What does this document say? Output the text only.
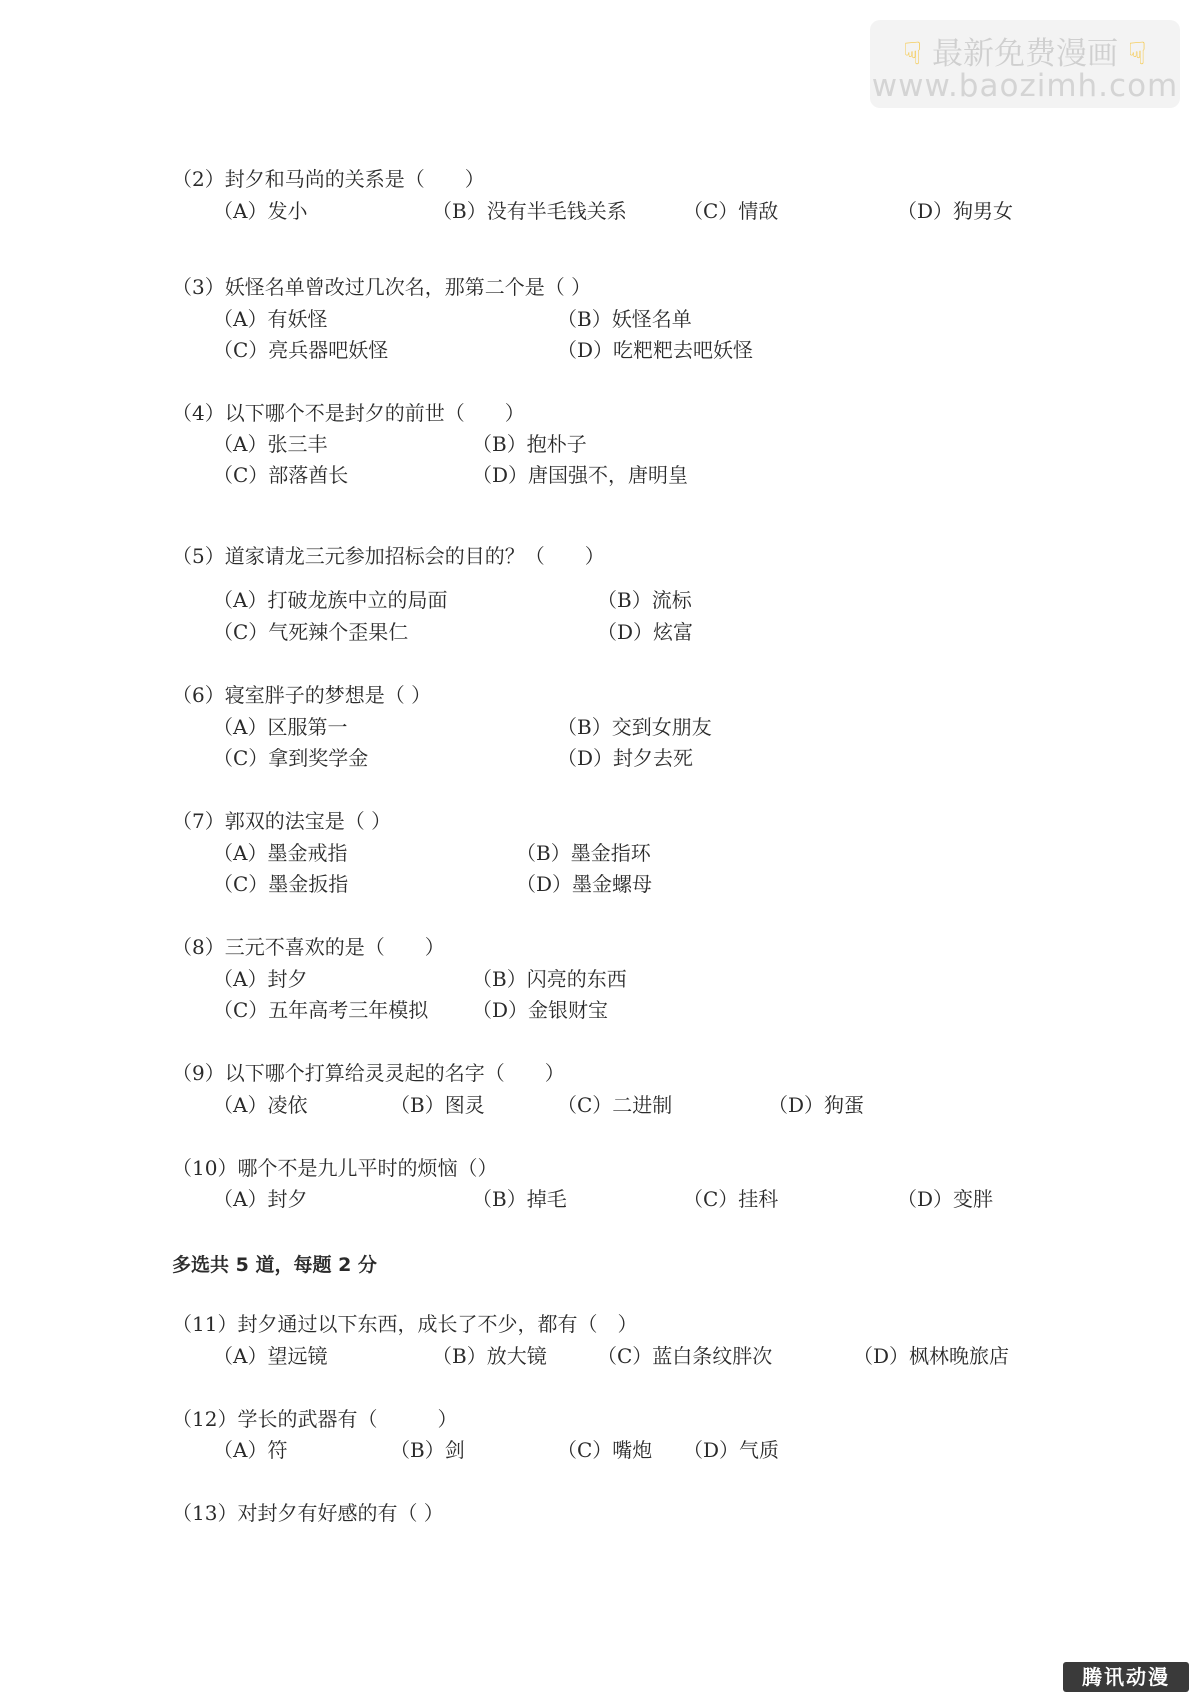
☟ 最新免费漫画 ☟
www.baozimh.com
（2）封夕和马尚的关系是（　　）
（A）发小	（B）没有半毛钱关系	（C）情敌	（D）狗男女
（3）妖怪名单曾改过几次名，那第二个是（ ）
（A）有妖怪	（B）妖怪名单
（C）亮兵器吧妖怪	（D）吃粑粑去吧妖怪
（4）以下哪个不是封夕的前世（　　）
（A）张三丰	（B）抱朴子
（C）部落酋长	（D）唐国强不，唐明皇
（5）道家请龙三元参加招标会的目的？（　　）
（A）打破龙族中立的局面	（B）流标
（C）气死辣个歪果仁	（D）炫富
（6）寝室胖子的梦想是（ ）
（A）区服第一	（B）交到女朋友
（C）拿到奖学金	（D）封夕去死
（7）郭双的法宝是（ ）
（A）墨金戒指	（B）墨金指环
（C）墨金扳指	（D）墨金螺母
（8）三元不喜欢的是（　　）
（A）封夕	（B）闪亮的东西
（C）五年高考三年模拟 （D）金银财宝
（9）以下哪个打算给灵灵起的名字（　　）
（A）凌依	（B）图灵	（C）二进制	（D）狗蛋
（10）哪个不是九儿平时的烦恼（）
（A）封夕	（B）掉毛	（C）挂科	（D）变胖
多选共 5 道，每题 2 分
（11）封夕通过以下东西，成长了不少，都有（　）
（A）望远镜	（B）放大镜	（C）蓝白条纹胖次	（D）枫林晚旅店
（12）学长的武器有（　　　）
（A）符	（B）剑	（C）嘴炮 （D）气质
（13）对封夕有好感的有（ ）
腾讯动漫
